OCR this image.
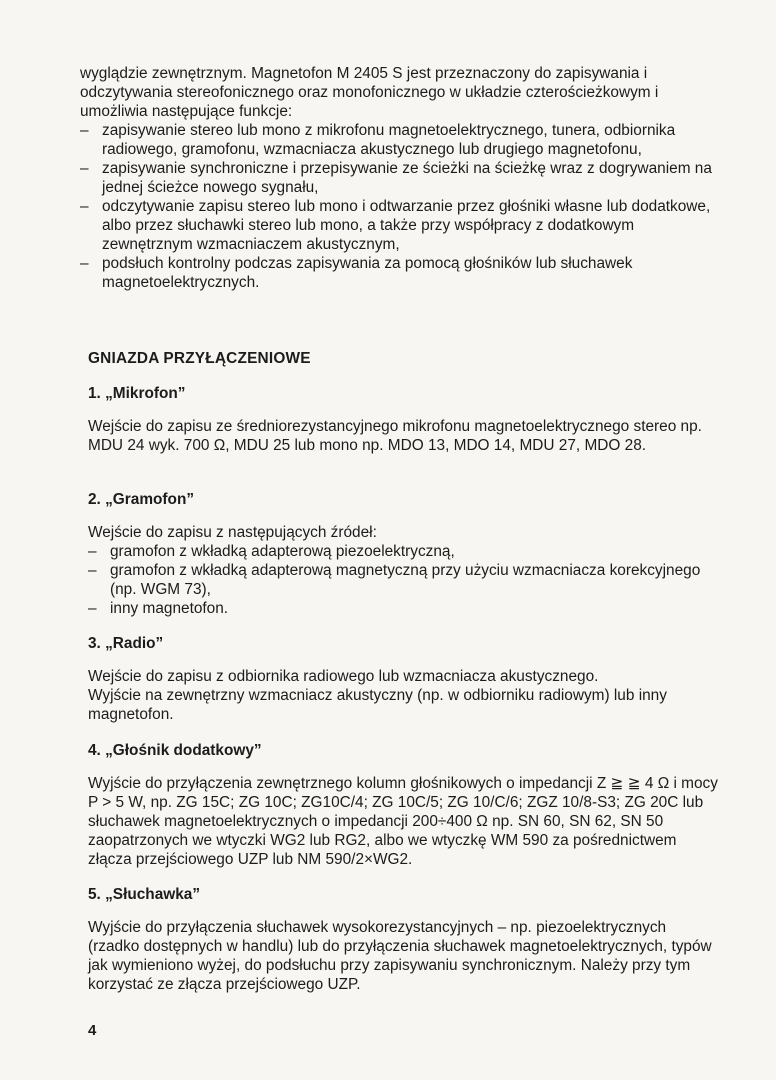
wyglądzie zewnętrznym. Magnetofon M 2405 S jest przeznaczony do zapisywania i odczytywania stereofonicznego oraz monofonicznego w układzie czterościeżkowym i umożliwia następujące funkcje:

– zapisywanie stereo lub mono z mikrofonu magnetoelektrycznego, tunera, odbiornika radiowego, gramofonu, wzmacniacza akustycznego lub drugiego magnetofonu,
– zapisywanie synchroniczne i przepisywanie ze ścieżki na ścieżkę wraz z dogrywaniem na jednej ścieżce nowego sygnału,
– odczytywanie zapisu stereo lub mono i odtwarzanie przez głośniki własne lub dodatkowe, albo przez słuchawki stereo lub mono, a także przy współpracy z dodatkowym zewnętrznym wzmacniaczem akustycznym,
– podsłuch kontrolny podczas zapisywania za pomocą głośników lub słuchawek magnetoelektrycznych.
GNIAZDA PRZYŁĄCZENIOWE
1. „Mikrofon”

Wejście do zapisu ze średniorezystancyjnego mikrofonu magnetoelektrycznego stereo np. MDU 24 wyk. 700 Ω, MDU 25 lub mono np. MDO 13, MDO 14, MDU 27, MDO 28.

2. „Gramofon”

Wejście do zapisu z następujących źródeł:

– gramofon z wkładką adapterową piezoelektryczną,
– gramofon z wkładką adapterową magnetyczną przy użyciu wzmacniacza korekcyjnego (np. WGM 73),
– inny magnetofon.
3. „Radio”

Wejście do zapisu z odbiornika radiowego lub wzmacniacza akustycznego.

Wyjście na zewnętrzny wzmacniacz akustyczny (np. w odbiorniku radiowym) lub inny magnetofon.

4. „Głośnik dodatkowy”

Wyjście do przyłączenia zewnętrznego kolumn głośnikowych o impedancji Z ≧ ≧ 4 Ω i mocy P > 5 W, np. ZG 15C; ZG 10C; ZG10C/4; ZG 10C/5; ZG 10/C/6; ZGZ 10/8-S3; ZG 20C lub słuchawek magnetoelektrycznych o impedancji 200÷400 Ω np. SN 60, SN 62, SN 50 zaopatrzonych we wtyczki WG2 lub RG2, albo we wtyczkę WM 590 za pośrednictwem złącza przejściowego UZP lub NM 590/2×WG2.

5. „Słuchawka”

Wyjście do przyłączenia słuchawek wysokorezystancyjnych – np. piezoelektrycznych (rzadko dostępnych w handlu) lub do przyłączenia słuchawek magnetoelektrycznych, typów jak wymieniono wyżej, do podsłuchu przy zapisywaniu synchronicznym. Należy przy tym korzystać ze złącza przejściowego UZP.

4
